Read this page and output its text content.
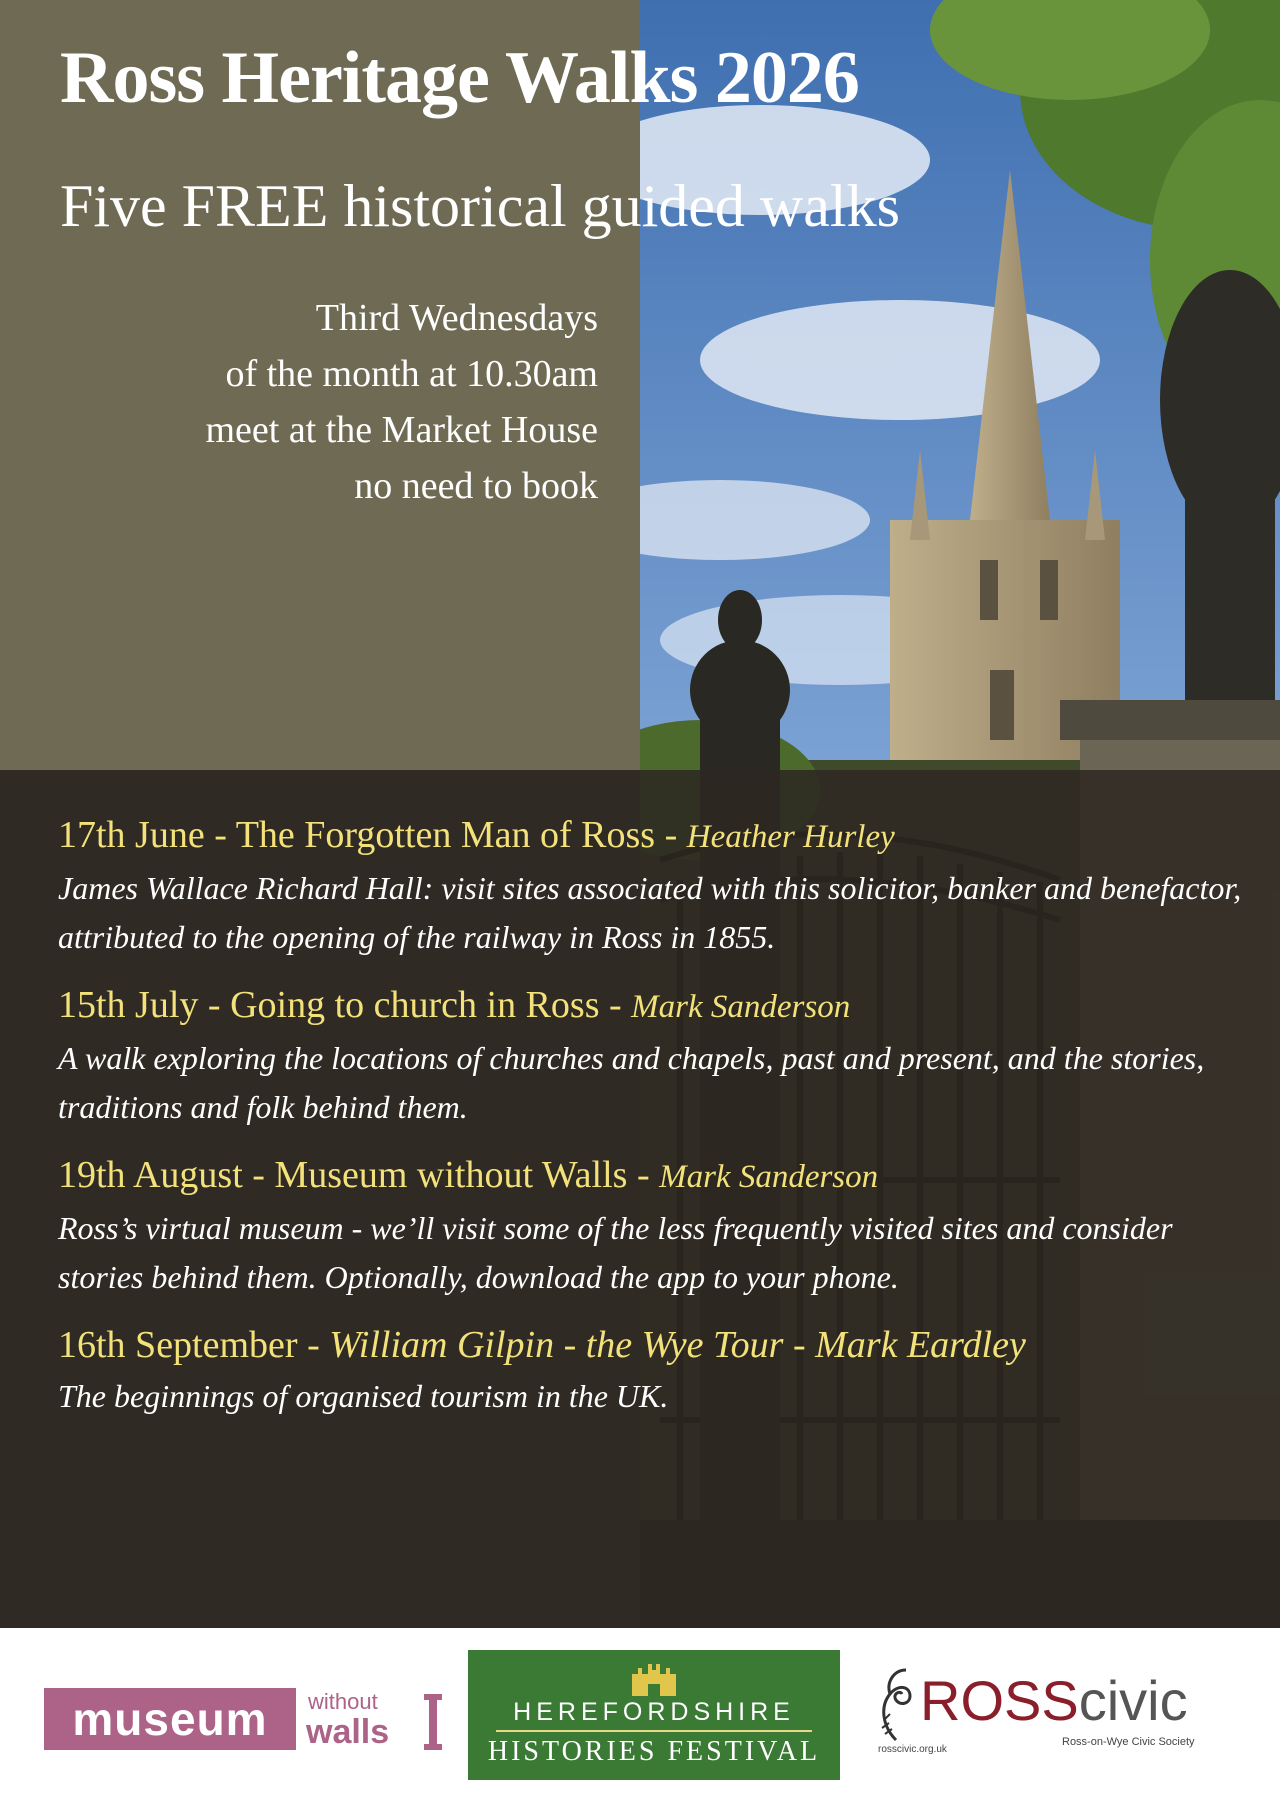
Ross Heritage Walks 2026
Five FREE historical guided walks
Third Wednesdays
of the month at 10.30am
meet at the Market House
no need to book
17th June - The Forgotten Man of Ross - Heather Hurley
James Wallace Richard Hall: visit sites associated with this solicitor, banker and benefactor, attributed to the opening of the railway in Ross in 1855.
15th July - Going to church in Ross - Mark Sanderson
A walk exploring the locations of churches and chapels, past and present, and the stories, traditions and folk behind them.
19th August - Museum without Walls - Mark Sanderson
Ross’s virtual museum - we’ll visit some of the less frequently visited sites and consider stories behind them. Optionally, download the app to your phone.
16th September - William Gilpin - the Wye Tour - Mark Eardley
The beginnings of organised tourism in the UK.
museum	without
walls
HEREFORDSHIRE
HISTORIES FESTIVAL	rosscivic.org.uk
ROSScivic
Ross-on-Wye Civic Society
